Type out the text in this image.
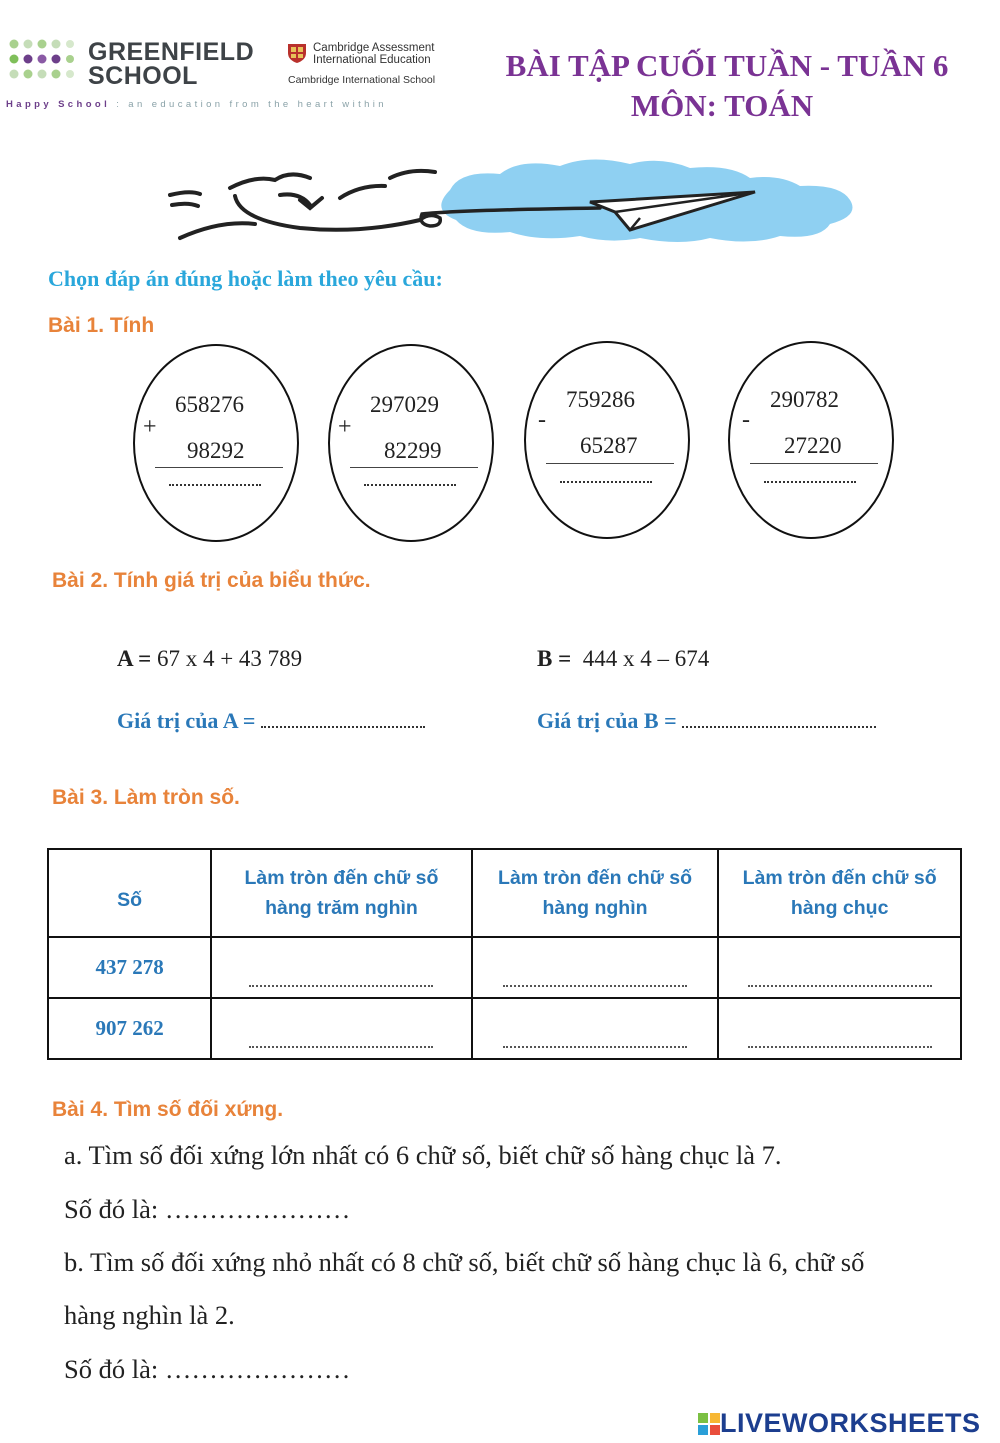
GREENFIELD
SCHOOL
Cambridge Assessment
International Education
Cambridge International School
Happy School : an education from the heart within
BÀI TẬP CUỐI TUẦN - TUẦN 6
MÔN: TOÁN
Chọn đáp án đúng hoặc làm theo yêu cầu:
Bài 1. Tính
658276
+
98292
297029
+
82299
759286
-
65287
290782
-
27220
Bài 2. Tính giá trị của biểu thức.
A = 67 x 4 + 43 789	B = 444 x 4 – 674
Giá trị của A =	Giá trị của B =
Bài 3. Làm tròn số.
Số	Làm tròn đến chữ số hàng trăm nghìn	Làm tròn đến chữ số hàng nghìn	Làm tròn đến chữ số hàng chục
437 278	

907 262	

Bài 4. Tìm số đối xứng.
a. Tìm số đối xứng lớn nhất có 6 chữ số, biết chữ số hàng chục là 7.
Số đó là: …………………
b. Tìm số đối xứng nhỏ nhất có 8 chữ số, biết chữ số hàng chục là 6, chữ số
hàng nghìn là 2.
Số đó là: …………………
LIVEWORKSHEETS
